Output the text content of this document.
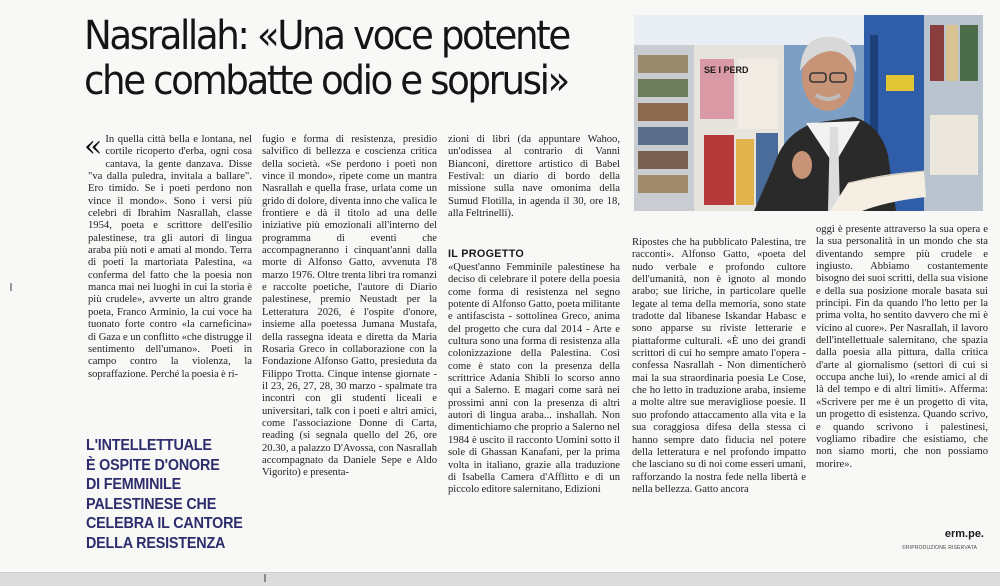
Nasrallah: «Una voce potente
che combatte odio e soprusi»	SE I PERD
« In quella città bella e lontana, nel cortile ricoperto d'erba, ogni cosa cantava, la gente danzava. Disse "va dalla puledra, invitala a ballare". Ero timido. Se i poeti perdono non vince il mondo». Sono i versi più celebri di Ibrahim Nasrallah, classe 1954, poeta e scrittore dell'esilio palestinese, tra gli autori di lingua araba più noti e amati al mondo. Terra di poeti la martoriata Palestina, «a conferma del fatto che la poesia non manca mai nei luoghi in cui la storia è più crudele», avverte un altro grande poeta, Franco Arminio, la cui voce ha tuonato forte contro «la carneficina» di Gaza e un conflitto «che distrugge il sentimento dell'umano». Poeti in campo contro la violenza, la sopraffazione. Perché la poesia è ri-

fugio e forma di resistenza, presidio salvifico di bellezza e coscienza critica della società. «Se perdono i poeti non vince il mondo», ripete come un mantra Nasrallah e quella frase, urlata come un grido di dolore, diventa inno che valica le frontiere e dà il titolo ad una delle iniziative più emozionali all'interno del programma di eventi che accompagneranno i cinquant'anni dalla morte di Alfonso Gatto, avvenuta l'8 marzo 1976. Oltre trenta libri tra romanzi e raccolte poetiche, l'autore di Diario palestinese, premio Neustadt per la Letteratura 2026, è l'ospite d'onore, insieme alla poetessa Jumana Mustafa, della rassegna ideata e diretta da Maria Rosaria Greco in collaborazione con la Fondazione Alfonso Gatto, presieduta da Filippo Trotta. Cinque intense giornate - il 23, 26, 27, 28, 30 marzo - spalmate tra incontri con gli studenti liceali e universitari, talk con i poeti e altri amici, come l'associazione Donne di Carta, reading (si segnala quello del 26, ore 20.30, a palazzo D'Avossa, con Nasrallah accompagnato da Daniele Sepe e Aldo Vigorito) e presenta-

zioni di libri (da appuntare Wahoo, un'odissea al contrario di Vanni Bianconi, direttore artistico di Babel Festival: un diario di bordo della missione sulla nave omonima della Sumud Flotilla, in agenda il 30, ore 18, alla Feltrinelli).

IL PROGETTO

«Quest'anno Femminile palestinese ha deciso di celebrare il potere della poesia come forma di resistenza nel segno potente di Alfonso Gatto, poeta militante e antifascista - sottolinea Greco, anima del progetto che cura dal 2014 - Arte e cultura sono una forma di resistenza alla colonizzazione della Palestina. Così come è stato con la presenza della scrittrice Adania Shibli lo scorso anno qui a Salerno. E magari come sarà nei prossimi anni con la presenza di altri autori di lingua araba... inshallah. Non dimentichiamo che proprio a Salerno nel 1984 è uscito il racconto Uomini sotto il sole di Ghassan Kanafani, per la prima volta in italiano, grazie alla traduzione di Isabella Camera d'Afflitto e di un piccolo editore salernitano, Edizioni

Ripostes che ha pubblicato Palestina, tre racconti». Alfonso Gatto, «poeta del nudo verbale e profondo cultore dell'umanità, non è ignoto al mondo arabo; sue liriche, in particolare quelle legate al tema della memoria, sono state tradotte dal libanese Iskandar Habasc e sono apparse su riviste letterarie e piattaforme culturali. «È uno dei grandi scrittori di cui ho sempre amato l'opera - confessa Nasrallah - Non dimenticherò mai la sua straordinaria poesia Le Cose, che ho letto in traduzione araba, insieme a molte altre sue meravigliose poesie. Il suo profondo attaccamento alla vita e la sua coraggiosa difesa della stessa ci hanno sempre dato fiducia nel potere della letteratura e nel profondo impatto che lasciano su di noi come esseri umani, rafforzando la nostra fede nella libertà e nella bellezza. Gatto ancora

oggi è presente attraverso la sua opera e la sua personalità in un mondo che sta diventando sempre più crudele e ingiusto. Abbiamo costantemente bisogno dei suoi scritti, della sua visione e della sua posizione morale basata sui principi. Fin da quando l'ho letto per la prima volta, ho sentito davvero che mi è vicino al cuore». Per Nasrallah, il lavoro dell'intellettuale salernitano, che spazia dalla poesia alla pittura, dalla critica d'arte al giornalismo (settori di cui si occupa anche lui), lo «rende amici al di là del tempo e di altri limiti». Afferma: «Scrivere per me è un progetto di vita, un progetto di esistenza. Quando scrivo, e quando scrivono i palestinesi, vogliamo ribadire che esistiamo, che non siamo morti, che non possiamo morire».

L'INTELLETTUALE
È OSPITE D'ONORE
DI FEMMINILE
PALESTINESE CHE
CELEBRA IL CANTORE
DELLA RESISTENZA
erm.pe.
©RIPRODUZIONE RISERVATA
